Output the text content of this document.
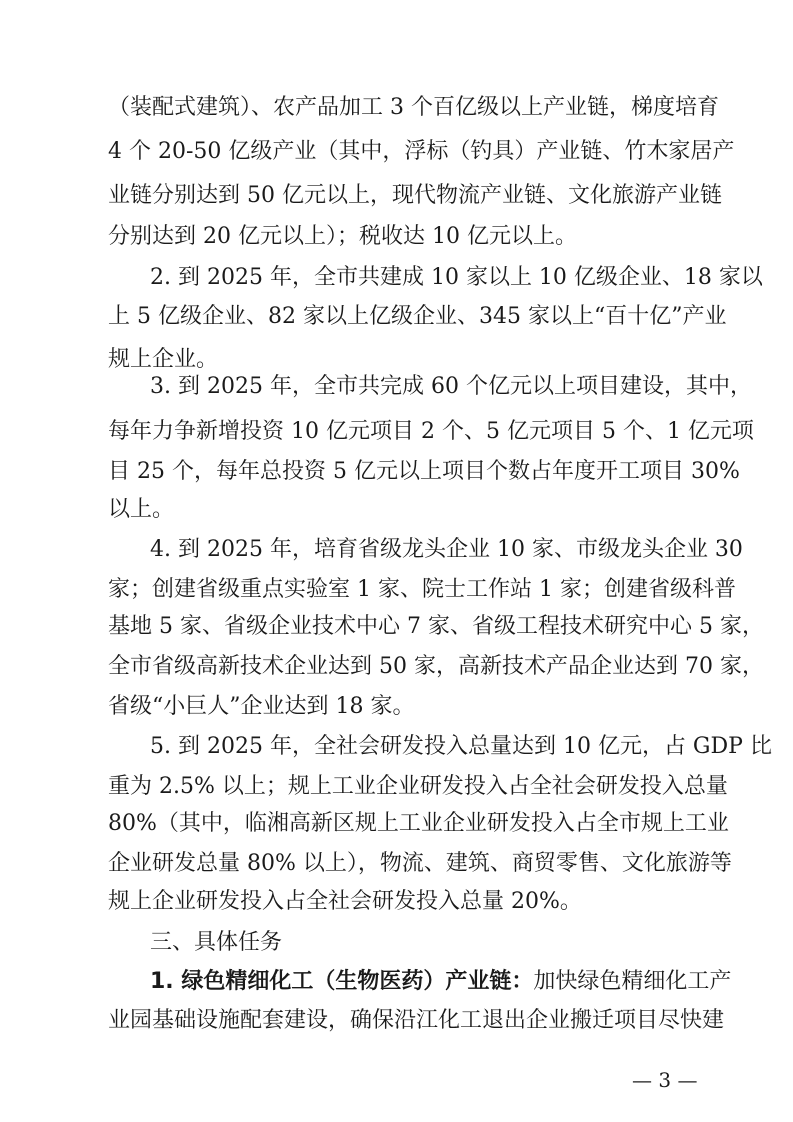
（装配式建筑）、农产品加工 3 个百亿级以上产业链，梯度培育
4 个 20-50 亿级产业（其中，浮标（钓具）产业链、竹木家居产
业链分别达到 50 亿元以上，现代物流产业链、文化旅游产业链
分别达到 20 亿元以上）；税收达 10 亿元以上。
2. 到 2025 年，全市共建成 10 家以上 10 亿级企业、18 家以
上 5 亿级企业、82 家以上亿级企业、345 家以上“百十亿”产业
规上企业。
3. 到 2025 年，全市共完成 60 个亿元以上项目建设，其中，
每年力争新增投资 10 亿元项目 2 个、5 亿元项目 5 个、1 亿元项
目 25 个，每年总投资 5 亿元以上项目个数占年度开工项目 30%
以上。
4. 到 2025 年，培育省级龙头企业 10 家、市级龙头企业 30
家；创建省级重点实验室 1 家、院士工作站 1 家；创建省级科普
基地 5 家、省级企业技术中心 7 家、省级工程技术研究中心 5 家，
全市省级高新技术企业达到 50 家，高新技术产品企业达到 70 家，
省级“小巨人”企业达到 18 家。
5. 到 2025 年，全社会研发投入总量达到 10 亿元，占 GDP 比
重为 2.5% 以上；规上工业企业研发投入占全社会研发投入总量
80%（其中，临湘高新区规上工业企业研发投入占全市规上工业
企业研发总量 80% 以上），物流、建筑、商贸零售、文化旅游等
规上企业研发投入占全社会研发投入总量 20%。
三、具体任务
1. 绿色精细化工（生物医药）产业链：加快绿色精细化工产
业园基础设施配套建设，确保沿江化工退出企业搬迁项目尽快建
— 3 —
